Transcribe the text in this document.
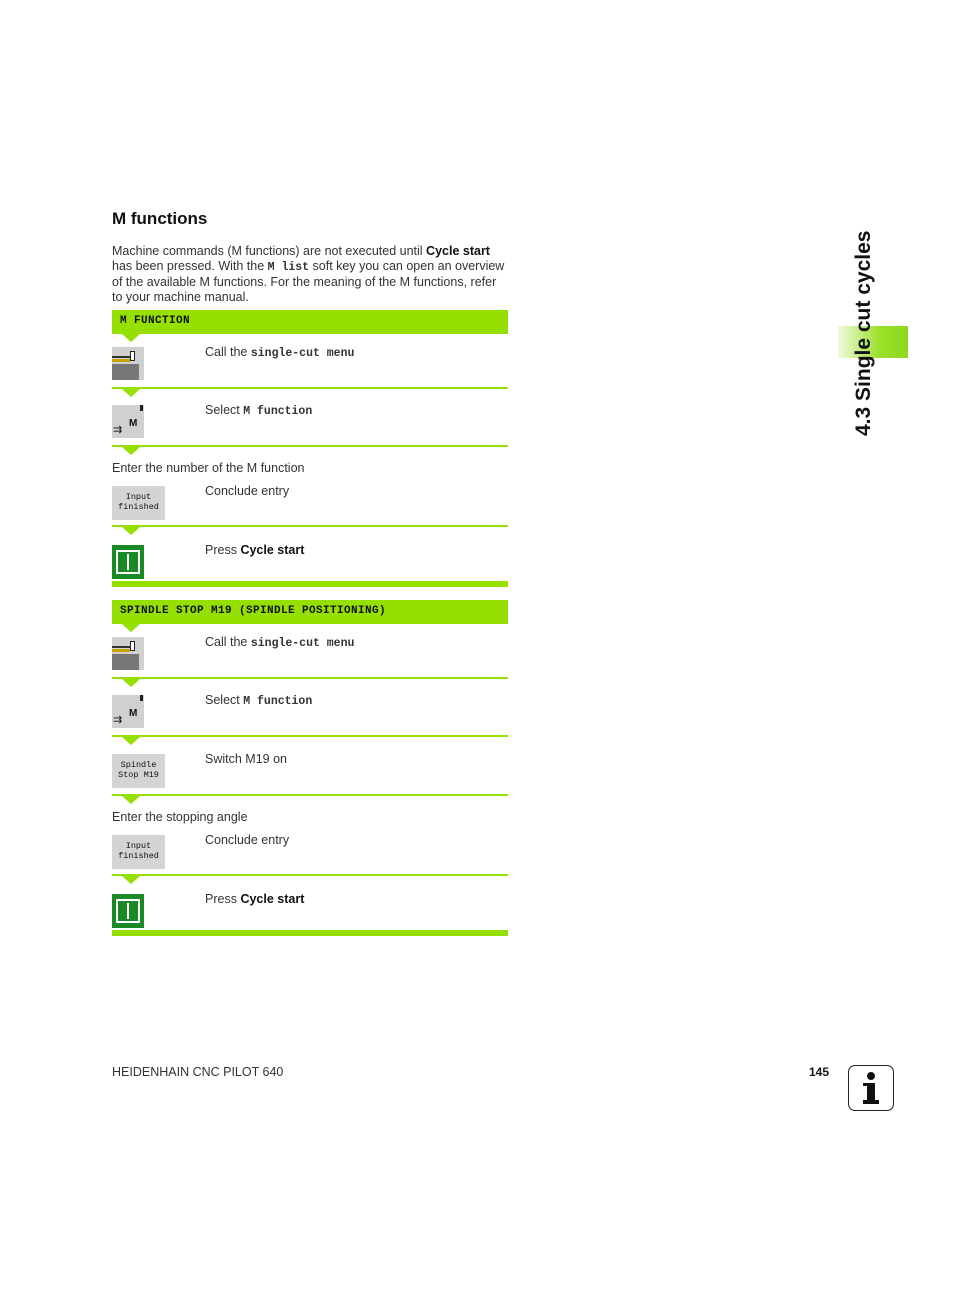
M functions
Machine commands (M functions) are not executed until Cycle start has been pressed. With the M list soft key you can open an overview of the available M functions. For the meaning of the M functions, refer to your machine manual.
M FUNCTION
Call the single-cut menu
M
⇉
Select M function
Enter the number of the M function
Input
finished
Conclude entry
Press Cycle start
SPINDLE STOP M19 (SPINDLE POSITIONING)
Call the single-cut menu
M
⇉
Select M function
Spindle
Stop M19
Switch M19 on
Enter the stopping angle
Input
finished
Conclude entry
Press Cycle start
4.3 Single cut cycles
HEIDENHAIN CNC PILOT 640	145
